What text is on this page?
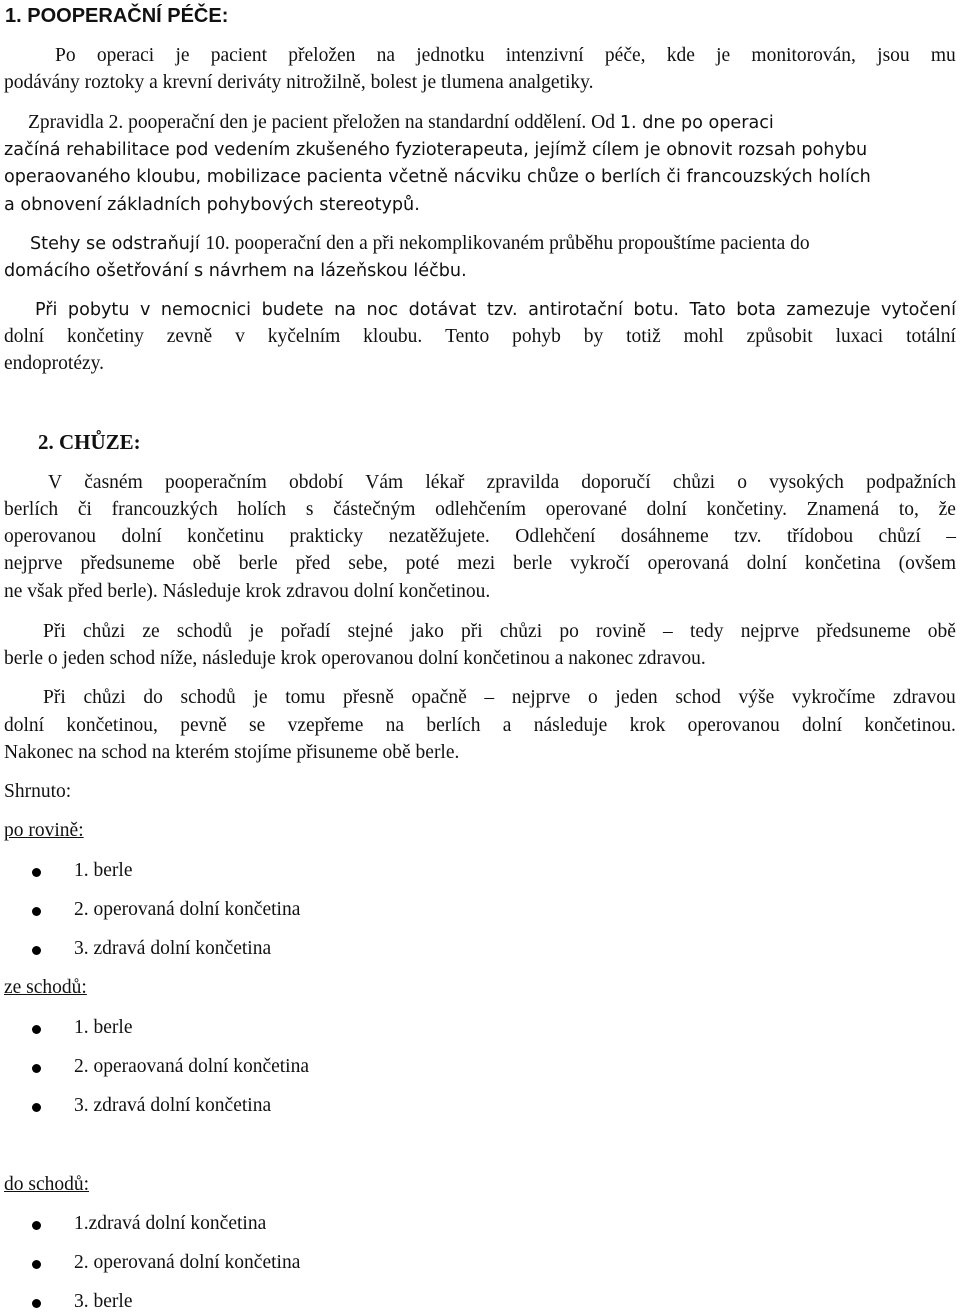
1. POOPERAČNÍ PÉČE:
Po operaci je pacient přeložen na jednotku intenzivní péče, kde je monitorován, jsou mu
podávány roztoky a krevní deriváty nitrožilně, bolest je tlumena analgetiky.
Zpravidla 2. pooperační den je pacient přeložen na standardní oddělení. Od 1. dne po operaci
začíná rehabilitace pod vedením zkušeného fyzioterapeuta, jejímž cílem je obnovit rozsah pohybu
operaovaného kloubu, mobilizace pacienta včetně nácviku chůze o berlích či francouzských holích
a obnovení základních pohybových stereotypů.
Stehy se odstraňují 10. pooperační den a při nekomplikovaném průběhu propouštíme pacienta do
domácího ošetřování s návrhem na lázeňskou léčbu.
Při pobytu v nemocnici budete na noc dotávat tzv. antirotační botu. Tato bota zamezuje vytočení
dolní končetiny zevně v kyčelním kloubu. Tento pohyb by totiž mohl způsobit luxaci totální
endoprotézy.
2. CHŮZE:
V časném pooperačním období Vám lékař zpravilda doporučí chůzi o vysokých podpažních
berlích či francouzkých holích s částečným odlehčením operované dolní končetiny. Znamená to, že
operovanou dolní končetinu prakticky nezatěžujete. Odlehčení dosáhneme tzv. třídobou chůzí –
nejprve předsuneme obě berle před sebe, poté mezi berle vykročí operovaná dolní končetina (ovšem
ne však před berle). Následuje krok zdravou dolní končetinou.
Při chůzi ze schodů je pořadí stejné jako při chůzi po rovině – tedy nejprve předsuneme obě
berle o jeden schod níže, následuje krok operovanou dolní končetinou a nakonec zdravou.
Při chůzi do schodů je tomu přesně opačně – nejprve o jeden schod výše vykročíme zdravou
dolní končetinou, pevně se vzepřeme na berlích a následuje krok operovanou dolní končetinou.
Nakonec na schod na kterém stojíme přisuneme obě berle.
Shrnuto:
po rovině:
1. berle
2. operovaná dolní končetina
3. zdravá dolní končetina
ze schodů:
1. berle
2. operaovaná dolní končetina
3. zdravá dolní končetina
do schodů:
1.zdravá dolní končetina
2. operovaná dolní končetina
3. berle
